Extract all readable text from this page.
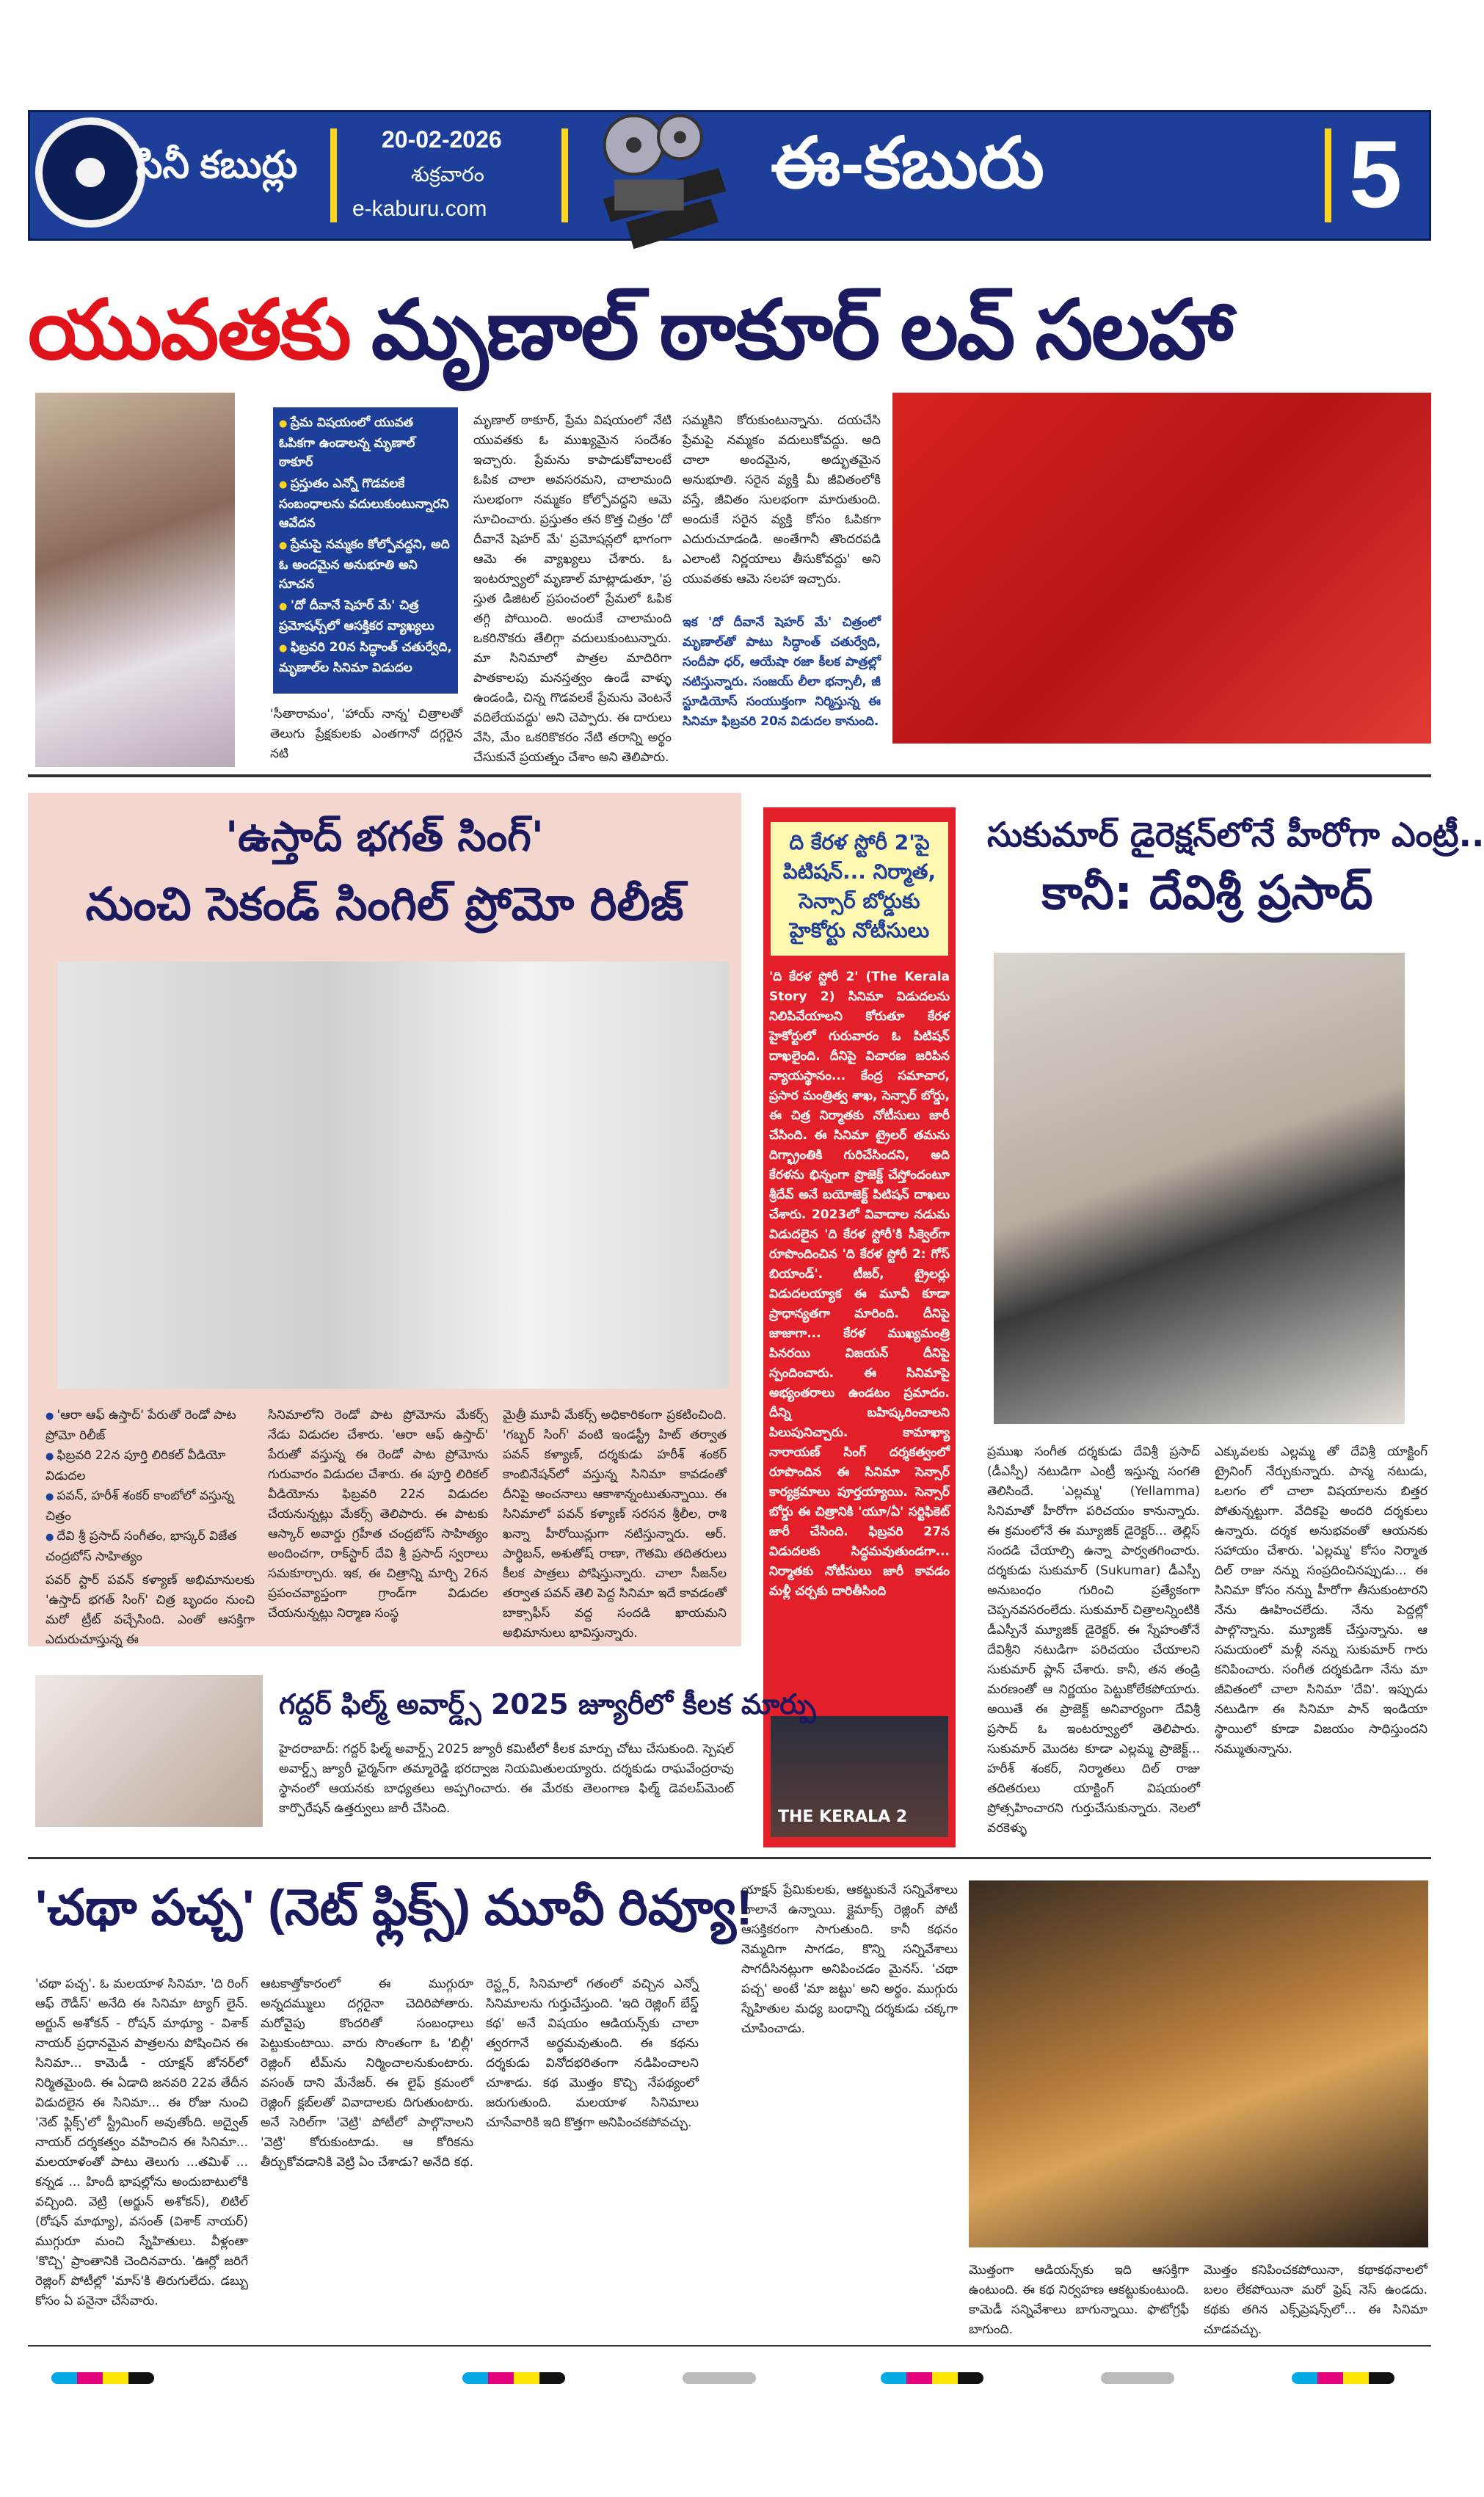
సినీ కబుర్లు
20-02-2026
శుక్రవారం
e-kaburu.com
ఈ-కబురు	5
యువతకు మృణాల్ ఠాకూర్ లవ్ సలహా
● ప్రేమ విషయంలో యువత ఓపికగా ఉండాలన్న మృణాల్ ఠాకూర్
● ప్రస్తుతం ఎన్నో గొడవలకే సంబంధాలను వదులుకుంటున్నారని ఆవేదన
● ప్రేమపై నమ్మకం కోల్పోవద్దని, అది ఓ అందమైన అనుభూతి అని సూచన
● 'దో దీవానే షెహర్ మే' చిత్ర ప్రమోషన్స్‌లో ఆసక్తికర వ్యాఖ్యలు
● ఫిబ్రవరి 20న సిద్ధాంత్ చతుర్వేది, మృణాల్‌ల సినిమా విడుదల
'సీతారామం', 'హాయ్ నాన్న' చిత్రాలతో తెలుగు ప్రేక్షకులకు ఎంతగానో దగ్గరైన నటి
మృణాల్ ఠాకూర్, ప్రేమ విషయంలో నేటి యువతకు ఓ ముఖ్యమైన సందేశం ఇచ్చారు. ప్రేమను కాపాడుకోవాలంటే ఓపిక చాలా అవసరమని, చాలామంది సులభంగా నమ్మకం కోల్పోవద్దని ఆమె సూచించారు. ప్రస్తుతం తన కొత్త చిత్రం 'దో దీవానే షెహర్ మే' ప్రమోషన్లలో భాగంగా ఆమె ఈ వ్యాఖ్యలు చేశారు. ఓ ఇంటర్వ్యూలో మృణాల్ మాట్లాడుతూ, 'ప్ర స్తుత డిజిటల్ ప్రపంచంలో ప్రేమలో ఓపిక తగ్గి పోయింది. అందుకే చాలామంది ఒకరినొకరు తేలిగ్గా వదులుకుంటున్నారు. మా సినిమాలో పాత్రల మాదిరిగా పాతకాలపు మనస్తత్వం ఉండే వాళ్ళు ఉండండి, చిన్న గొడవలకే ప్రేమను వెంటనే వదిలేయవద్దు' అని చెప్పారు. ఈ దారులు వేసి, మేం ఒకరికొకరం నేటి తరాన్ని అర్థం చేసుకునే ప్రయత్నం చేశాం అని తెలిపారు.
సమ్మకిని కోరుకుంటున్నాను. దయచేసి ప్రేమపై నమ్మకం వదులుకోవద్దు. అది చాలా అందమైన, అద్భుతమైన అనుభూతి. సరైన వ్యక్తి మీ జీవితంలోకి వస్తే, జీవితం సులభంగా మారుతుంది. అందుకే సరైన వ్యక్తి కోసం ఓపికగా ఎదురుచూడండి. అంతేగానీ తొందరపడి ఎలాంటి నిర్ణయాలు తీసుకోవద్దు' అని యువతకు ఆమె సలహా ఇచ్చారు.
ఇక 'దో దీవానే షెహర్ మే' చిత్రంలో మృణాల్‌తో పాటు సిద్ధాంత్ చతుర్వేది, సందీపా ధర్, ఆయేషా రజా కీలక పాత్రల్లో నటిస్తున్నారు. సంజయ్ లీలా భన్సాలీ, జీ స్టూడియోస్ సంయుక్తంగా నిర్మిస్తున్న ఈ సినిమా ఫిబ్రవరి 20న విడుదల కానుంది.
'ఉస్తాద్ భగత్ సింగ్'
నుంచి సెకండ్ సింగిల్ ప్రోమో రిలీజ్
● 'ఆరా ఆఫ్ ఉస్తాద్' పేరుతో రెండో పాట ప్రోమో రిలీజ్
● ఫిబ్రవరి 22న పూర్తి లిరికల్ వీడియో విడుదల
● పవన్, హరీశ్ శంకర్ కాంబోలో వస్తున్న చిత్రం
● దేవి శ్రీ ప్రసాద్ సంగీతం, భాస్కర్ విజేత చంద్రబోస్ సాహిత్యం
పవర్ స్టార్ పవన్ కళ్యాణ్ అభిమానులకు 'ఉస్తాద్ భగత్ సింగ్' చిత్ర బృందం నుంచి మరో ట్రీట్ వచ్చేసింది. ఎంతో ఆసక్తిగా ఎదురుచూస్తున్న ఈ
సినిమాలోని రెండో పాట ప్రోమోను మేకర్స్ నేడు విడుదల చేశారు. 'ఆరా ఆఫ్ ఉస్తాద్' పేరుతో వస్తున్న ఈ రెండో పాట ప్రోమోను గురువారం విడుదల చేశారు. ఈ పూర్తి లిరికల్ వీడియోను ఫిబ్రవరి 22న విడుదల చేయనున్నట్లు మేకర్స్ తెలిపారు. ఈ పాటకు ఆస్కార్ అవార్డు గ్రహీత చంద్రబోస్ సాహిత్యం అందించగా, రాక్‌స్టార్ దేవి శ్రీ ప్రసాద్ స్వరాలు సమకూర్చారు. ఇక, ఈ చిత్రాన్ని మార్చి 26న ప్రపంచవ్యాప్తంగా గ్రాండ్‌గా విడుదల చేయనున్నట్లు నిర్మాణ సంస్థ
మైత్రీ మూవీ మేకర్స్ అధికారికంగా ప్రకటించింది. 'గబ్బర్ సింగ్' వంటి ఇండస్ట్రీ హిట్ తర్వాత పవన్ కళ్యాణ్, దర్శకుడు హరీశ్ శంకర్ కాంబినేషన్‌లో వస్తున్న సినిమా కావడంతో దీనిపై అంచనాలు ఆకాశాన్నంటుతున్నాయి. ఈ సినిమాలో పవన్ కళ్యాణ్ సరసన శ్రీలీల, రాశి ఖన్నా హీరోయిన్లుగా నటిస్తున్నారు. ఆర్. పార్థిబన్, అశుతోష్ రాణా, గౌతమి తదితరులు కీలక పాత్రలు పోషిస్తున్నారు. చాలా సీజన్‌ల తర్వాత పవన్ తెలి పెద్ద సినిమా ఇదే కావడంతో బాక్సాఫీస్ వద్ద సందడి ఖాయమని అభిమానులు భావిస్తున్నారు.
ది కేరళ స్టోరీ 2'పై పిటిషన్... నిర్మాత, సెన్సార్ బోర్డుకు హైకోర్టు నోటీసులు
'ది కేరళ స్టోరీ 2' (The Kerala Story 2) సినిమా విడుదలను నిలిపివేయాలని కోరుతూ కేరళ హైకోర్టులో గురువారం ఓ పిటిషన్ దాఖలైంది. దీనిపై విచారణ జరిపిన న్యాయస్థానం... కేంద్ర సమాచార, ప్రసార మంత్రిత్వ శాఖ, సెన్సార్ బోర్డు, ఈ చిత్ర నిర్మాతకు నోటీసులు జారీ చేసింది. ఈ సినిమా ట్రైలర్ తమను దిగ్భ్రాంతికి గురిచేసిందని, అది కేరళను భిన్నంగా ప్రొజెక్ట్ చేస్తోందంటూ శ్రీదేవ్ అనే బయోజెక్ట్ పిటిషన్ దాఖలు చేశారు. 2023లో వివాదాల నడుమ విడుదలైన 'ది కేరళ స్టోరీ'కి సీక్వెల్‌గా రూపొందించిన 'ది కేరళ స్టోరీ 2: గోస్ బియాండ్'. టీజర్, ట్రైలర్లు విడుదలయ్యాక ఈ మూవీ కూడా ప్రాధాన్యతగా మారింది. దీనిపై జాజాగా... కేరళ ముఖ్యమంత్రి పినరయి విజయన్ దీనిపై స్పందించారు. ఈ సినిమాపై అభ్యంతరాలు ఉండటం ప్రమాదం. దీన్ని బహిష్కరించాలని పిలుపునిచ్చారు. కామాఖ్యా నారాయణ్ సింగ్ దర్శకత్వంలో రూపొందిన ఈ సినిమా సెన్సార్ కార్యక్రమాలు పూర్తయ్యాయి. సెన్సార్ బోర్డు ఈ చిత్రానికి 'యూ/ఏ' సర్టిఫికెట్ జారీ చేసింది. ఫిబ్రవరి 27న విడుదలకు సిద్ధమవుతుండగా... నిర్మాతకు నోటీసులు జారీ కావడం మళ్లీ చర్చకు దారితీసింది
THE KERALA 2
సుకుమార్ డైరెక్షన్‌లోనే హీరోగా ఎంట్రీ..
కానీ: దేవిశ్రీ ప్రసాద్
ప్రముఖ సంగీత దర్శకుడు దేవిశ్రీ ప్రసాద్ (డీఎస్పీ) నటుడిగా ఎంట్రీ ఇస్తున్న సంగతి తెలిసిందే. 'ఎల్లమ్మ' (Yellamma) సినిమాతో హీరోగా పరిచయం కానున్నారు. ఈ క్రమంలోనే ఈ మ్యూజిక్ డైరెక్టర్... తెల్లిస్ సందడి చేయాల్సి ఉన్నా పార్వతగించారు. దర్శకుడు సుకుమార్ (Sukumar) డీఎస్పీ అనుబంధం గురించి ప్రత్యేకంగా చెప్పనవసరంలేదు. సుకుమార్ చిత్రాలన్నింటికి డీఎస్పీనే మ్యూజిక్ డైరెక్టర్. ఈ స్నేహంతోనే దేవిశ్రీని నటుడిగా పరిచయం చేయాలని సుకుమార్ ప్లాన్ చేశారు. కానీ, తన తండ్రి మరణంతో ఆ నిర్ణయం పెట్టుకోలేకపోయారు. అయితే ఈ ప్రాజెక్ట్ అనివార్యంగా దేవిశ్రీ ప్రసాద్ ఓ ఇంటర్వ్యూలో తెలిపారు. సుకుమార్ మొదట కూడా ఎల్లమ్మ ప్రాజెక్ట్... హరీశ్ శంకర్, నిర్మాతలు దిల్ రాజు తదితరులు యాక్టింగ్ విషయంలో ప్రోత్సహించారని గుర్తుచేసుకున్నారు. నెలలో వరకెళ్ళు
ఎక్కువలకు ఎల్లమ్మ తో దేవిశ్రీ యాక్టింగ్ ట్రైనింగ్ నేర్చుకున్నారు. పాన్మ నటుడు, ఒలగం లో చాలా విషయాలను బిత్తర పోతున్నట్టుగా. వేదికపై అందరి దర్శకులు ఉన్నారు. దర్శక అనుభవంతో ఆయనకు సహాయం చేశారు. 'ఎల్లమ్మ' కోసం నిర్మాత దిల్ రాజు నన్ను సంప్రదించినప్పుడు... ఈ సినిమా కోసం నన్ను హీరోగా తీసుకుంటారని నేను ఊహించలేదు. నేను పెద్దల్లో పాల్గొన్నాను. మ్యూజిక్ చేస్తున్నాను. ఆ సమయంలో మళ్లీ నన్ను సుకుమార్ గారు కనిపించారు. సంగీత దర్శకుడిగా నేను మా జీవితంలో చాలా సినిమా 'దేవి'. ఇప్పుడు నటుడిగా ఈ సినిమా పాన్ ఇండియా స్థాయిలో కూడా విజయం సాధిస్తుందని నమ్ముతున్నాను.
గద్దర్ ఫిల్మ్ అవార్డ్స్ 2025 జ్యూరీలో కీలక మార్పు
హైదరాబాద్: గద్దర్ ఫిల్మ్ అవార్డ్స్ 2025 జ్యూరీ కమిటీలో కీలక మార్పు చోటు చేసుకుంది. స్పెషల్ అవార్డ్స్ జ్యూరీ ఛైర్మన్‌గా తమ్మారెడ్డి భరద్వాజ నియమితులయ్యారు. దర్శకుడు రాఘవేంద్రరావు స్థానంలో ఆయనకు బాధ్యతలు అప్పగించారు. ఈ మేరకు తెలంగాణ ఫిల్మ్ డెవలప్‌మెంట్ కార్పొరేషన్ ఉత్తర్వులు జారీ చేసింది.
'చథా పచ్చ' (నెట్ ఫ్లిక్స్) మూవీ రివ్యూ!
'చథా పచ్చ'. ఓ మలయాళ సినిమా. 'ది రింగ్ ఆఫ్ రౌడీస్' అనేది ఈ సినిమా ట్యాగ్ లైన్. అర్జున్ అశోకన్ - రోషన్ మాథ్యూ - విశాక్ నాయర్ ప్రధానమైన పాత్రలను పోషించిన ఈ సినిమా... కామెడీ - యాక్షన్ జోనర్‌లో నిర్మితమైంది. ఈ ఏడాది జనవరి 22వ తేదీన విడుదలైన ఈ సినిమా... ఈ రోజు నుంచి 'నెట్ ఫ్లిక్స్'లో స్ట్రీమింగ్ అవుతోంది. అద్వైత్ నాయర్ దర్శకత్వం వహించిన ఈ సినిమా... మలయాళంతో పాటు తెలుగు ...తమిళ్ ... కన్నడ ... హిందీ భాషల్లోను అందుబాటులోకి వచ్చింది. వెట్రి (అర్జున్ అశోకన్), లిటిల్ (రోషన్ మాథ్యూ), వసంత్ (విశాక్ నాయర్) ముగ్గురూ మంచి స్నేహితులు. వీళ్లంతా 'కొచ్చి' ప్రాంతానికి చెందినవారు. 'ఊర్లో జరిగే రెజ్లింగ్ పోటీల్లో 'మాస్'కి తిరుగులేదు. డబ్బు కోసం ఏ పనైనా చేసేవారు.
ఆటకాత్తోకారంలో ఈ ముగ్గురూ అన్నదమ్ములు దగ్గరైనా చెదిరిపోతారు. మరోవైపు కొందరితో సంబంధాలు పెట్టుకుంటాయి. వారు సొంతంగా ఓ 'బిల్లీ' రెజ్లింగ్ టీమ్‌ను నిర్మించాలనుకుంటారు. వసంత్ దాని మేనేజర్. ఈ లైఫ్ క్రమంలో రెజ్లింగ్ క్లబ్‌లతో వివాదాలకు దిగుతుంటారు. అనే సెరిల్‌గా 'వెట్రి' పోటీలో పాల్గొనాలని 'వెట్రి' కోరుకుంటాడు. ఆ కోరికను తీర్చుకోవడానికి వెట్రి ఏం చేశాడు? అనేది కథ.
రెస్ట్లర్, సినిమాలో గతంలో వచ్చిన ఎన్నో సినిమాలను గుర్తుచేస్తుంది. 'ఇది రెజ్లింగ్ బేస్డ్ కథ' అనే విషయం ఆడియన్స్‌కు చాలా త్వరగానే అర్థమవుతుంది. ఈ కథను దర్శకుడు వినోదభరితంగా నడిపించాలని చూశాడు. కథ మొత్తం కొచ్చి నేపథ్యంలో జరుగుతుంది. మలయాళ సినిమాలు చూసేవారికి ఇది కొత్తగా అనిపించకపోవచ్చు.
యాక్షన్ ప్రేమికులకు, ఆకట్టుకునే సన్నివేశాలు చాలానే ఉన్నాయి. క్లైమాక్స్ రెజ్లింగ్ పోటీ ఆసక్తికరంగా సాగుతుంది. కానీ కథనం నెమ్మదిగా సాగడం, కొన్ని సన్నివేశాలు సాగదీసినట్లుగా అనిపించడం మైనస్. 'చథా పచ్చ' అంటే 'మా జట్టు' అని అర్థం. ముగ్గురు స్నేహితుల మధ్య బంధాన్ని దర్శకుడు చక్కగా చూపించాడు.
మొత్తంగా ఆడియన్స్‌కు ఇది ఆసక్తిగా ఉంటుంది. ఈ కథ నిర్వహణ ఆకట్టుకుంటుంది. కామెడీ సన్నివేశాలు బాగున్నాయి. ఫొటోగ్రఫీ బాగుంది.
మొత్తం కనిపించకపోయినా, కథాకథనాలలో బలం లేకపోయినా మరో ఫ్రెష్ నెస్ ఉండదు. కథకు తగిన ఎక్స్‌ప్రెషన్స్‌లో... ఈ సినిమా చూడవచ్చు.
